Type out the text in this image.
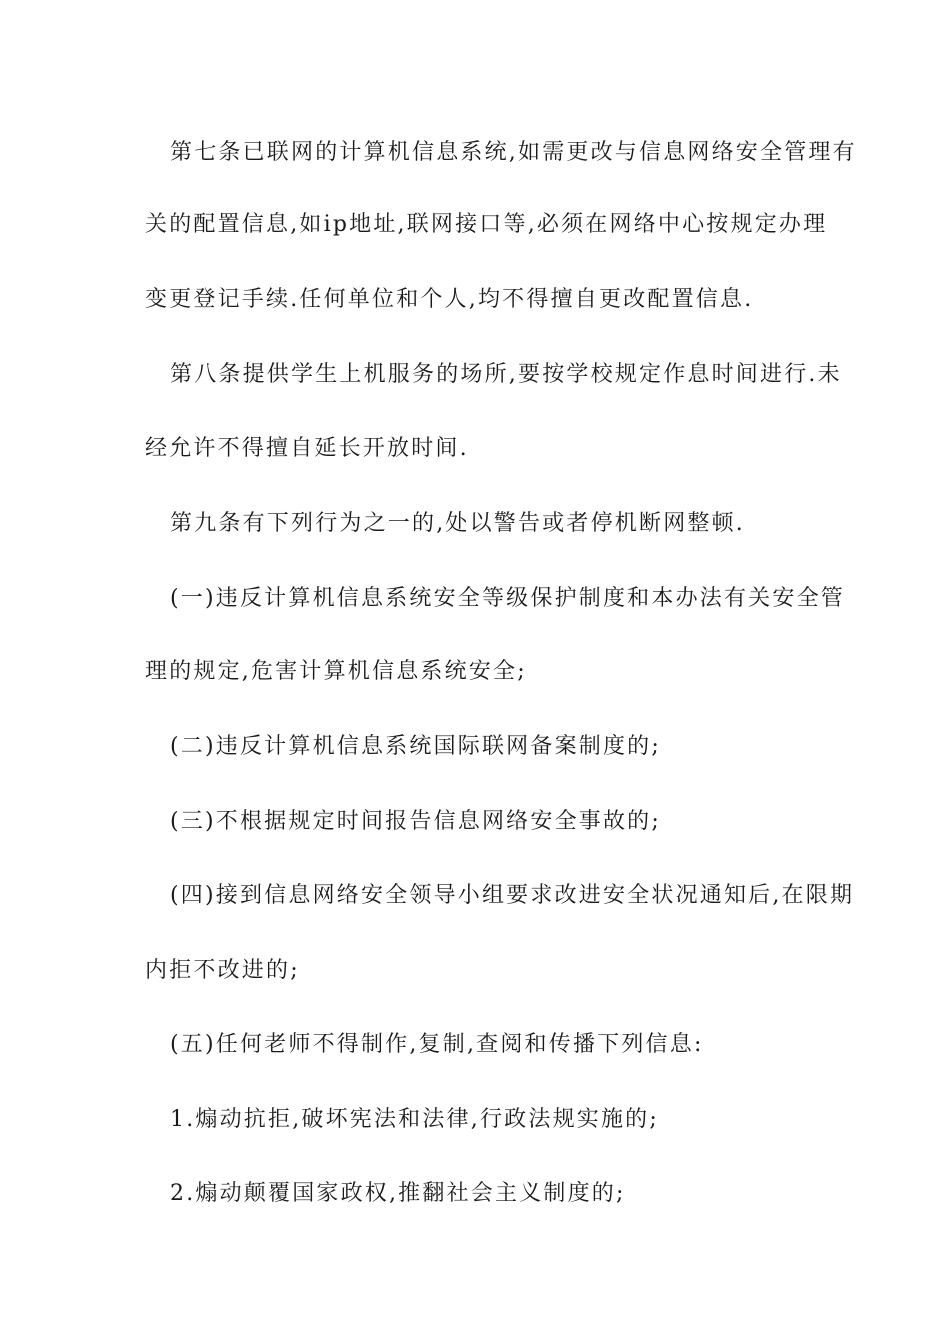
第七条已联网的计算机信息系统,如需更改与信息网络安全管理有

关的配置信息,如ip地址,联网接口等,必须在网络中心按规定办理

变更登记手续.任何单位和个人,均不得擅自更改配置信息.

第八条提供学生上机服务的场所,要按学校规定作息时间进行.未

经允许不得擅自延长开放时间.

第九条有下列行为之一的,处以警告或者停机断网整顿.

(一)违反计算机信息系统安全等级保护制度和本办法有关安全管

理的规定,危害计算机信息系统安全;

(二)违反计算机信息系统国际联网备案制度的;

(三)不根据规定时间报告信息网络安全事故的;

(四)接到信息网络安全领导小组要求改进安全状况通知后,在限期

内拒不改进的;

(五)任何老师不得制作,复制,查阅和传播下列信息:

1.煽动抗拒,破坏宪法和法律,行政法规实施的;

2.煽动颠覆国家政权,推翻社会主义制度的;
